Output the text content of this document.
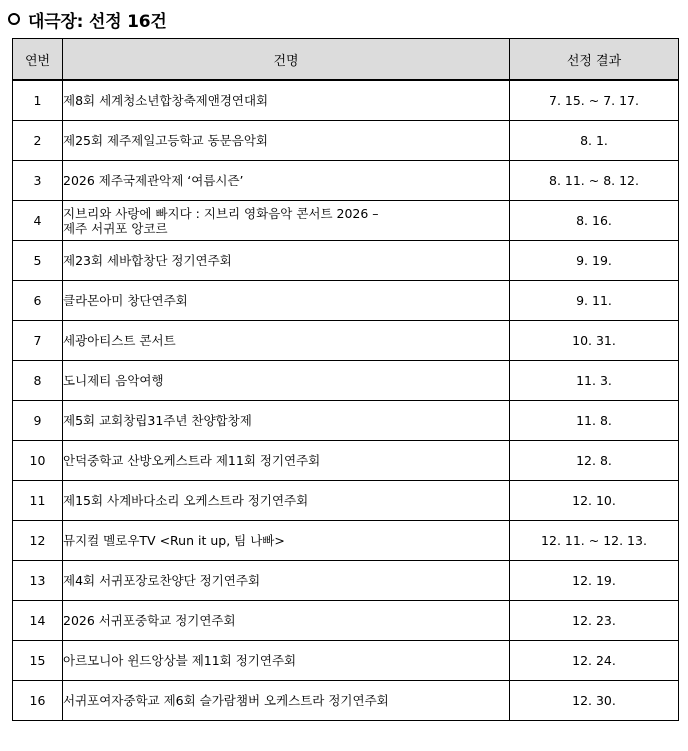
대극장: 선정 16건
연번	건명	선정 결과
1	제8회 세계청소년합창축제앤경연대회	7. 15. ~ 7. 17.
2	제25회 제주제일고등학교 동문음악회	8. 1.
3	2026 제주국제관악제 ‘여름시즌’	8. 11. ~ 8. 12.
4	지브리와 사랑에 빠지다 : 지브리 영화음악 콘서트 2026 –
제주 서귀포 앙코르	8. 16.
5	제23회 세바합창단 정기연주회	9. 19.
6	클라몬아미 창단연주회	9. 11.
7	세광아티스트 콘서트	10. 31.
8	도니제티 음악여행	11. 3.
9	제5회 교회창립31주년 찬양합창제	11. 8.
10	안덕중학교 산방오케스트라 제11회 정기연주회	12. 8.
11	제15회 사계바다소리 오케스트라 정기연주회	12. 10.
12	뮤지컬 멜로우TV <Run it up, 팀 나빠>	12. 11. ~ 12. 13.
13	제4회 서귀포장로찬양단 정기연주회	12. 19.
14	2026 서귀포중학교 정기연주회	12. 23.
15	아르모니아 윈드앙상블 제11회 정기연주회	12. 24.
16	서귀포여자중학교 제6회 슬가람챔버 오케스트라 정기연주회	12. 30.
